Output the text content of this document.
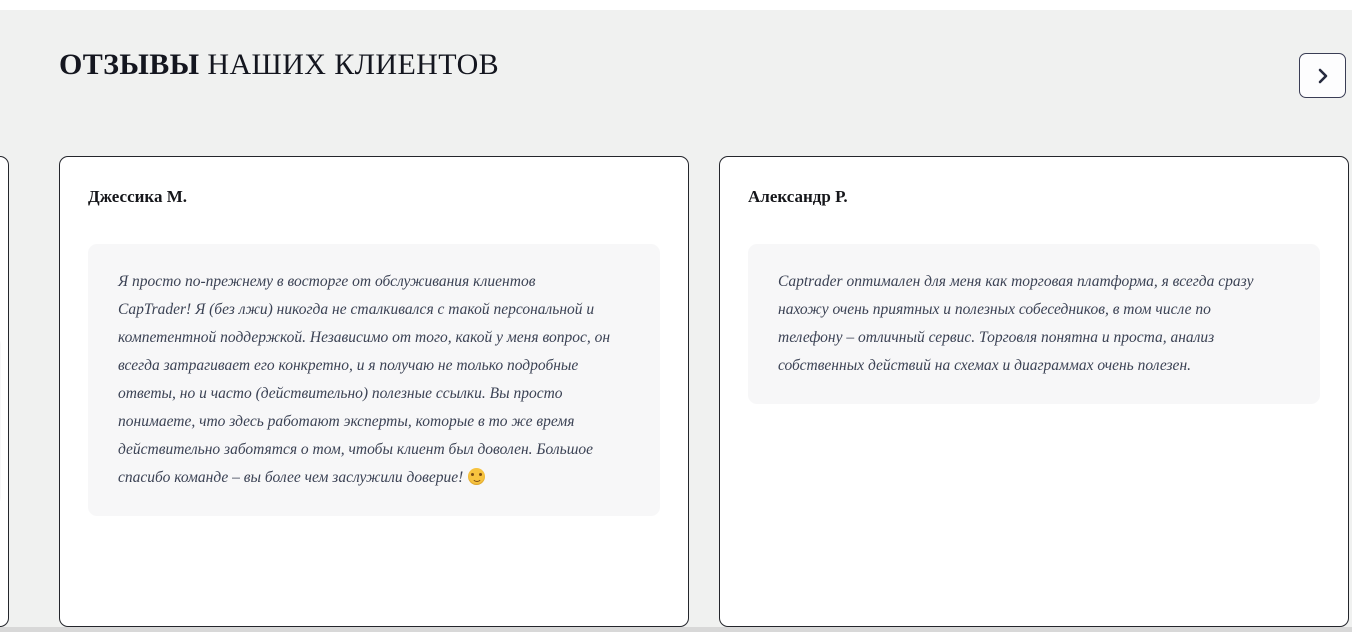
ОТЗЫВЫ НАШИХ КЛИЕНТОВ
Джессика М.
Я просто по-прежнему в восторге от обслуживания клиентов
CapTrader! Я (без лжи) никогда не сталкивался с такой персональной и
компетентной поддержкой. Независимо от того, какой у меня вопрос, он
всегда затрагивает его конкретно, и я получаю не только подробные
ответы, но и часто (действительно) полезные ссылки. Вы просто
понимаете, что здесь работают эксперты, которые в то же время
действительно заботятся о том, чтобы клиент был доволен. Большое
спасибо команде – вы более чем заслужили доверие!
Александр Р.
Captrader оптимален для меня как торговая платформа, я всегда сразу
нахожу очень приятных и полезных собеседников, в том числе по
телефону – отличный сервис. Торговля понятна и проста, анализ
собственных действий на схемах и диаграммах очень полезен.
